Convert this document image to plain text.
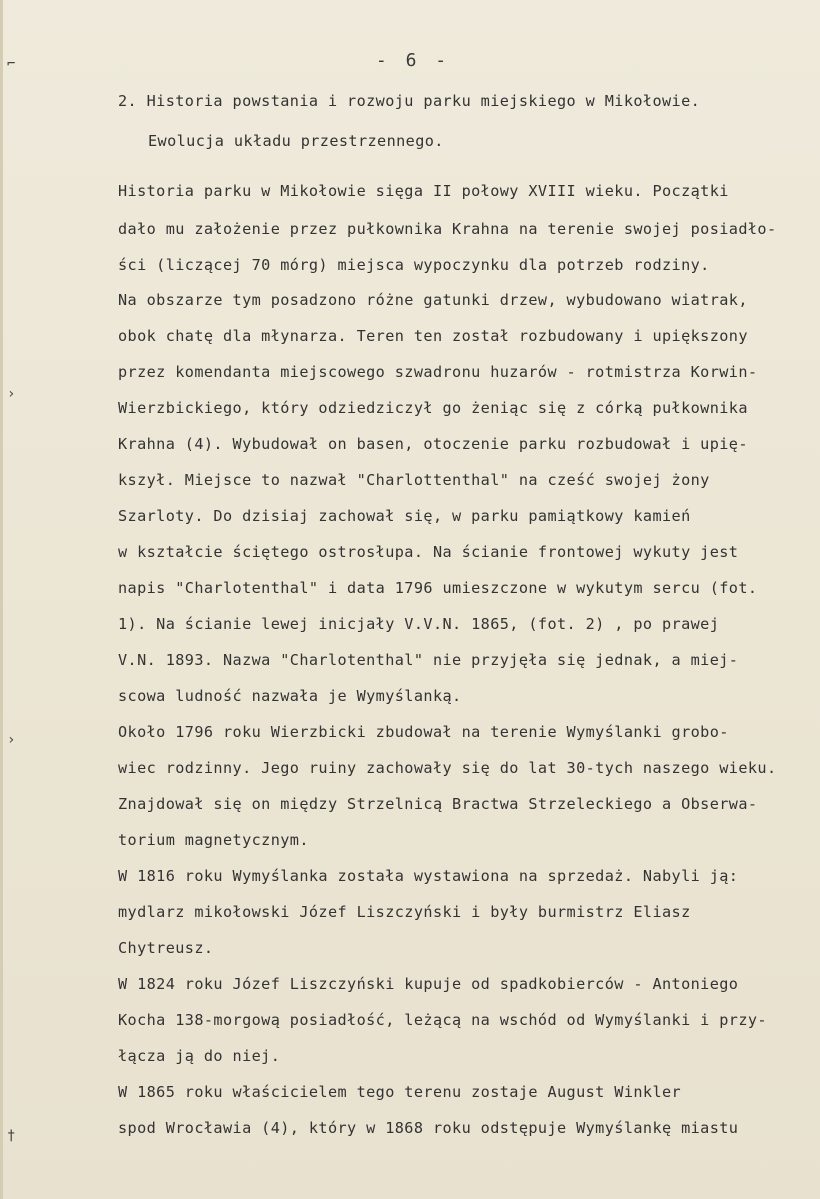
⌐
›
›
†
- 6 -
2. Historia powstania i rozwoju parku miejskiego w Mikołowie.
Ewolucja układu przestrzennego.
Historia parku w Mikołowie sięga II połowy XVIII wieku. Początki
dało mu założenie przez pułkownika Krahna na terenie swojej posiadło-
ści (liczącej 70 mórg) miejsca wypoczynku dla potrzeb rodziny.
Na obszarze tym posadzono różne gatunki drzew, wybudowano wiatrak,
obok chatę dla młynarza. Teren ten został rozbudowany i upiększony
przez komendanta miejscowego szwadronu huzarów - rotmistrza Korwin-
Wierzbickiego, który odziedziczył go żeniąc się z córką pułkownika
Krahna (4). Wybudował on basen, otoczenie parku rozbudował i upię-
kszył. Miejsce to nazwał "Charlottenthal" na cześć swojej żony
Szarloty. Do dzisiaj zachował się, w parku pamiątkowy kamień
w kształcie ściętego ostrosłupa. Na ścianie frontowej wykuty jest
napis "Charlotenthal" i data 1796 umieszczone w wykutym sercu (fot.
1). Na ścianie lewej inicjały V.V.N. 1865, (fot. 2) , po prawej
V.N. 1893. Nazwa "Charlotenthal" nie przyjęła się jednak, a miej-
scowa ludność nazwała je Wymyślanką.
Około 1796 roku Wierzbicki zbudował na terenie Wymyślanki grobo-
wiec rodzinny. Jego ruiny zachowały się do lat 30-tych naszego wieku.
Znajdował się on między Strzelnicą Bractwa Strzeleckiego a Obserwa-
torium magnetycznym.
W 1816 roku Wymyślanka została wystawiona na sprzedaż. Nabyli ją:
mydlarz mikołowski Józef Liszczyński i były burmistrz Eliasz
Chytreusz.
W 1824 roku Józef Liszczyński kupuje od spadkobierców - Antoniego
Kocha 138-morgową posiadłość, leżącą na wschód od Wymyślanki i przy-
łącza ją do niej.
W 1865 roku właścicielem tego terenu zostaje August Winkler
spod Wrocławia (4), który w 1868 roku odstępuje Wymyślankę miastu
